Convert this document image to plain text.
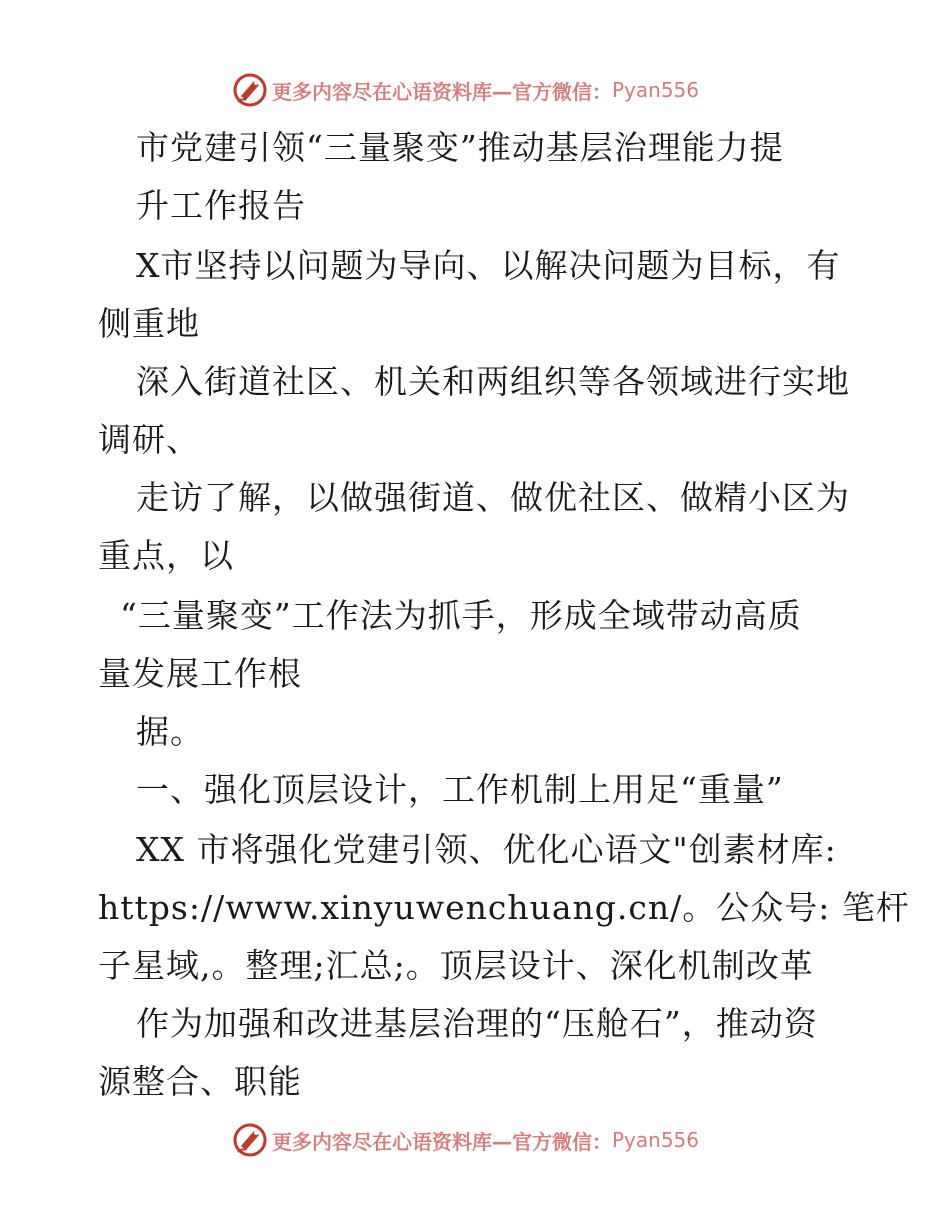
更多内容尽在心语资料库—官方微信： Pyan556
市党建引领“三量聚变”推动基层治理能力提
升工作报告
X市坚持以问题为导向、以解决问题为目标，有
侧重地
深入街道社区、机关和两组织等各领域进行实地
调研、
走访了解，以做强街道、做优社区、做精小区为
重点，以
“三量聚变”工作法为抓手，形成全域带动高质
量发展工作根
据。
一、强化顶层设计，工作机制上用足“重量”
XX 市将强化党建引领、优化心语文"创素材库:
https://www.xinyuwenchuang.cn/。公众号: 笔杆
子星域,。整理;汇总;。顶层设计、深化机制改革
作为加强和改进基层治理的“压舱石”，推动资
源整合、职能
更多内容尽在心语资料库—官方微信： Pyan556
